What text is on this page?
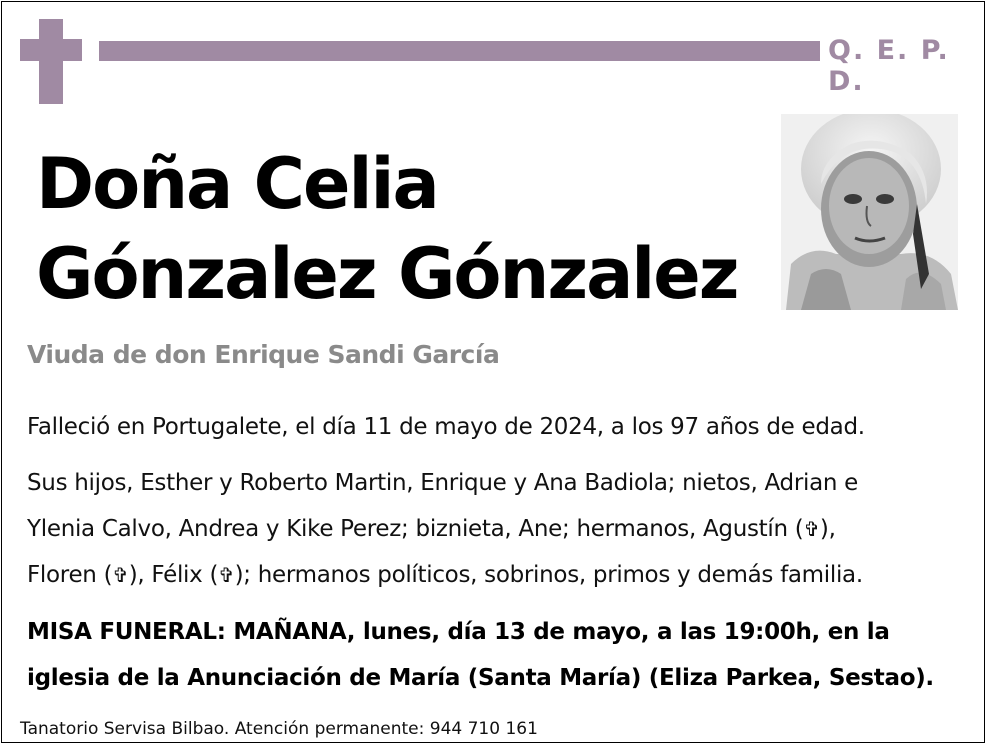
Q. E. P. D.
Doña Celia
Gónzalez Gónzalez
Viuda de don Enrique Sandi García
Falleció en Portugalete, el día 11 de mayo de 2024, a los 97 años de edad.
Sus hijos, Esther y Roberto Martin, Enrique y Ana Badiola; nietos, Adrian e
Ylenia Calvo, Andrea y Kike Perez; biznieta, Ane; hermanos, Agustín (✞),
Floren (✞), Félix (✞); hermanos políticos, sobrinos, primos y demás familia.
MISA FUNERAL: MAÑANA, lunes, día 13 de mayo, a las 19:00h, en la
iglesia de la Anunciación de María (Santa María) (Eliza Parkea, Sestao).
Tanatorio Servisa Bilbao. Atención permanente: 944 710 161
